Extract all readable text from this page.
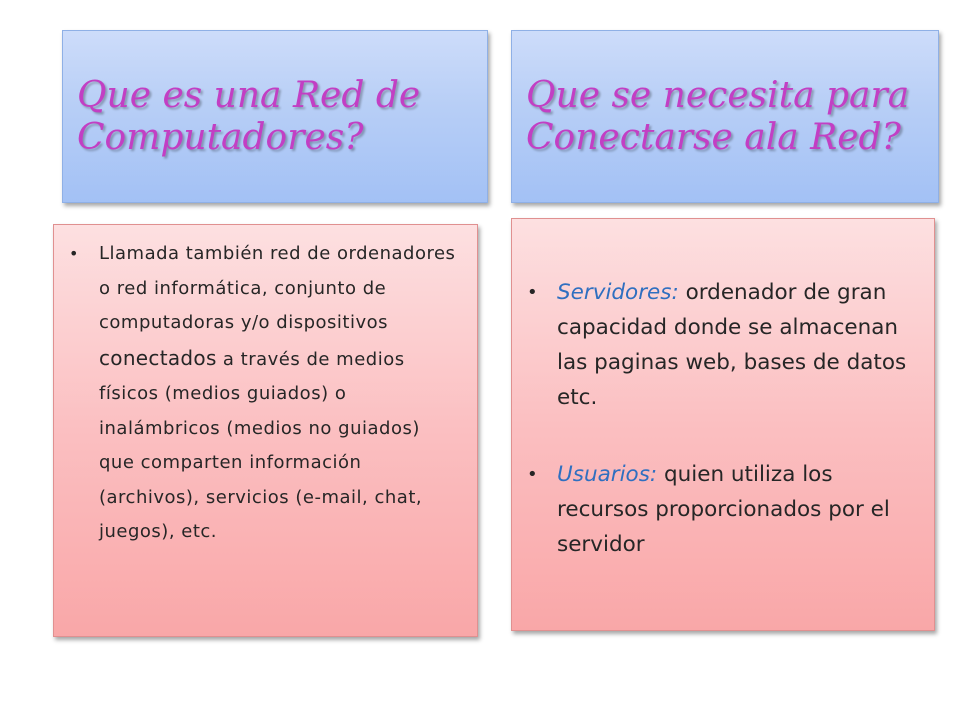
Que es una Red de Computadores?
Que se necesita para Conectarse ala Red?
• Llamada también red de ordenadores o red informática, conjunto de computadoras y/o dispositivos conectados a través de medios físicos (medios guiados) o inalámbricos (medios no guiados) que comparten información (archivos), servicios (e-mail, chat, juegos), etc.
• Servidores: ordenador de gran capacidad donde se almacenan las paginas web, bases de datos etc.
• Usuarios: quien utiliza los recursos proporcionados por el servidor
